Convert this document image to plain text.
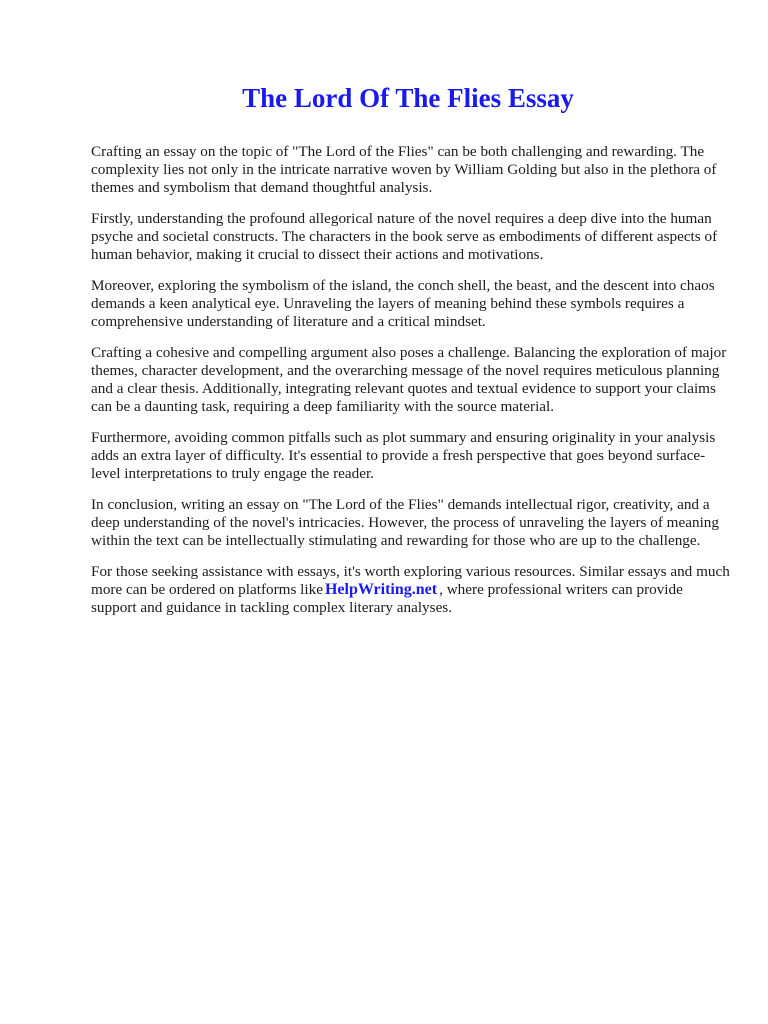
The Lord Of The Flies Essay

Crafting an essay on the topic of "The Lord of the Flies" can be both challenging and rewarding. The complexity lies not only in the intricate narrative woven by William Golding but also in the plethora of themes and symbolism that demand thoughtful analysis.

Firstly, understanding the profound allegorical nature of the novel requires a deep dive into the human psyche and societal constructs. The characters in the book serve as embodiments of different aspects of human behavior, making it crucial to dissect their actions and motivations.

Moreover, exploring the symbolism of the island, the conch shell, the beast, and the descent into chaos demands a keen analytical eye. Unraveling the layers of meaning behind these symbols requires a comprehensive understanding of literature and a critical mindset.

Crafting a cohesive and compelling argument also poses a challenge. Balancing the exploration of major themes, character development, and the overarching message of the novel requires meticulous planning and a clear thesis. Additionally, integrating relevant quotes and textual evidence to support your claims can be a daunting task, requiring a deep familiarity with the source material.

Furthermore, avoiding common pitfalls such as plot summary and ensuring originality in your analysis adds an extra layer of difficulty. It's essential to provide a fresh perspective that goes beyond surface-level interpretations to truly engage the reader.

In conclusion, writing an essay on "The Lord of the Flies" demands intellectual rigor, creativity, and a deep understanding of the novel's intricacies. However, the process of unraveling the layers of meaning within the text can be intellectually stimulating and rewarding for those who are up to the challenge.

For those seeking assistance with essays, it's worth exploring various resources. Similar essays and much more can be ordered on platforms like HelpWriting.net , where professional writers can provide support and guidance in tackling complex literary analyses.
